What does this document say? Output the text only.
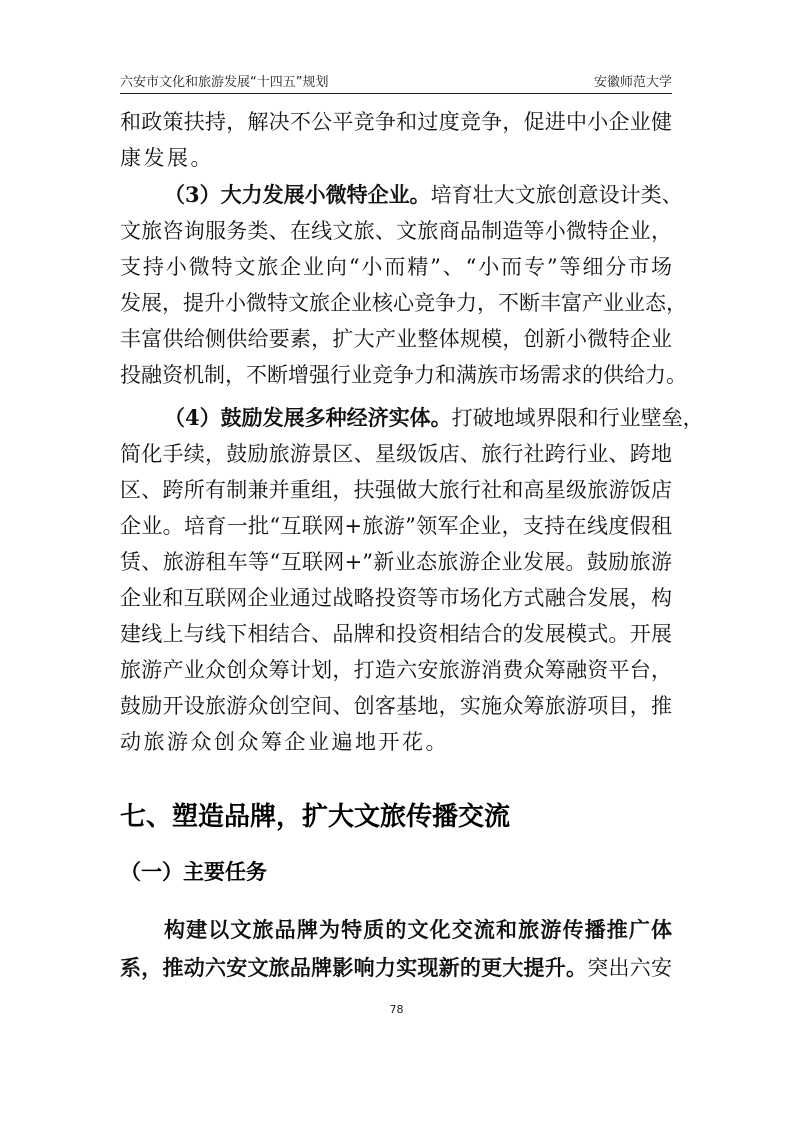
六安市文化和旅游发展“十四五”规划	安徽师范大学
和政策扶持，解决不公平竞争和过度竞争，促进中小企业健
康发展。
（3）大力发展小微特企业。培育壮大文旅创意设计类、
文旅咨询服务类、在线文旅、文旅商品制造等小微特企业，
支持小微特文旅企业向“小而精”、“小而专”等细分市场
发展，提升小微特文旅企业核心竞争力，不断丰富产业业态，
丰富供给侧供给要素，扩大产业整体规模，创新小微特企业
投融资机制，不断增强行业竞争力和满族市场需求的供给力。
（4）鼓励发展多种经济实体。打破地域界限和行业壁垒，
简化手续，鼓励旅游景区、星级饭店、旅行社跨行业、跨地
区、跨所有制兼并重组，扶强做大旅行社和高星级旅游饭店
企业。培育一批“互联网+旅游”领军企业，支持在线度假租
赁、旅游租车等“互联网+”新业态旅游企业发展。鼓励旅游
企业和互联网企业通过战略投资等市场化方式融合发展，构
建线上与线下相结合、品牌和投资相结合的发展模式。开展
旅游产业众创众筹计划，打造六安旅游消费众筹融资平台，
鼓励开设旅游众创空间、创客基地，实施众筹旅游项目，推
动旅游众创众筹企业遍地开花。
七、塑造品牌，扩大文旅传播交流
（一）主要任务
构建以文旅品牌为特质的文化交流和旅游传播推广体
系，推动六安文旅品牌影响力实现新的更大提升。突出六安
78
